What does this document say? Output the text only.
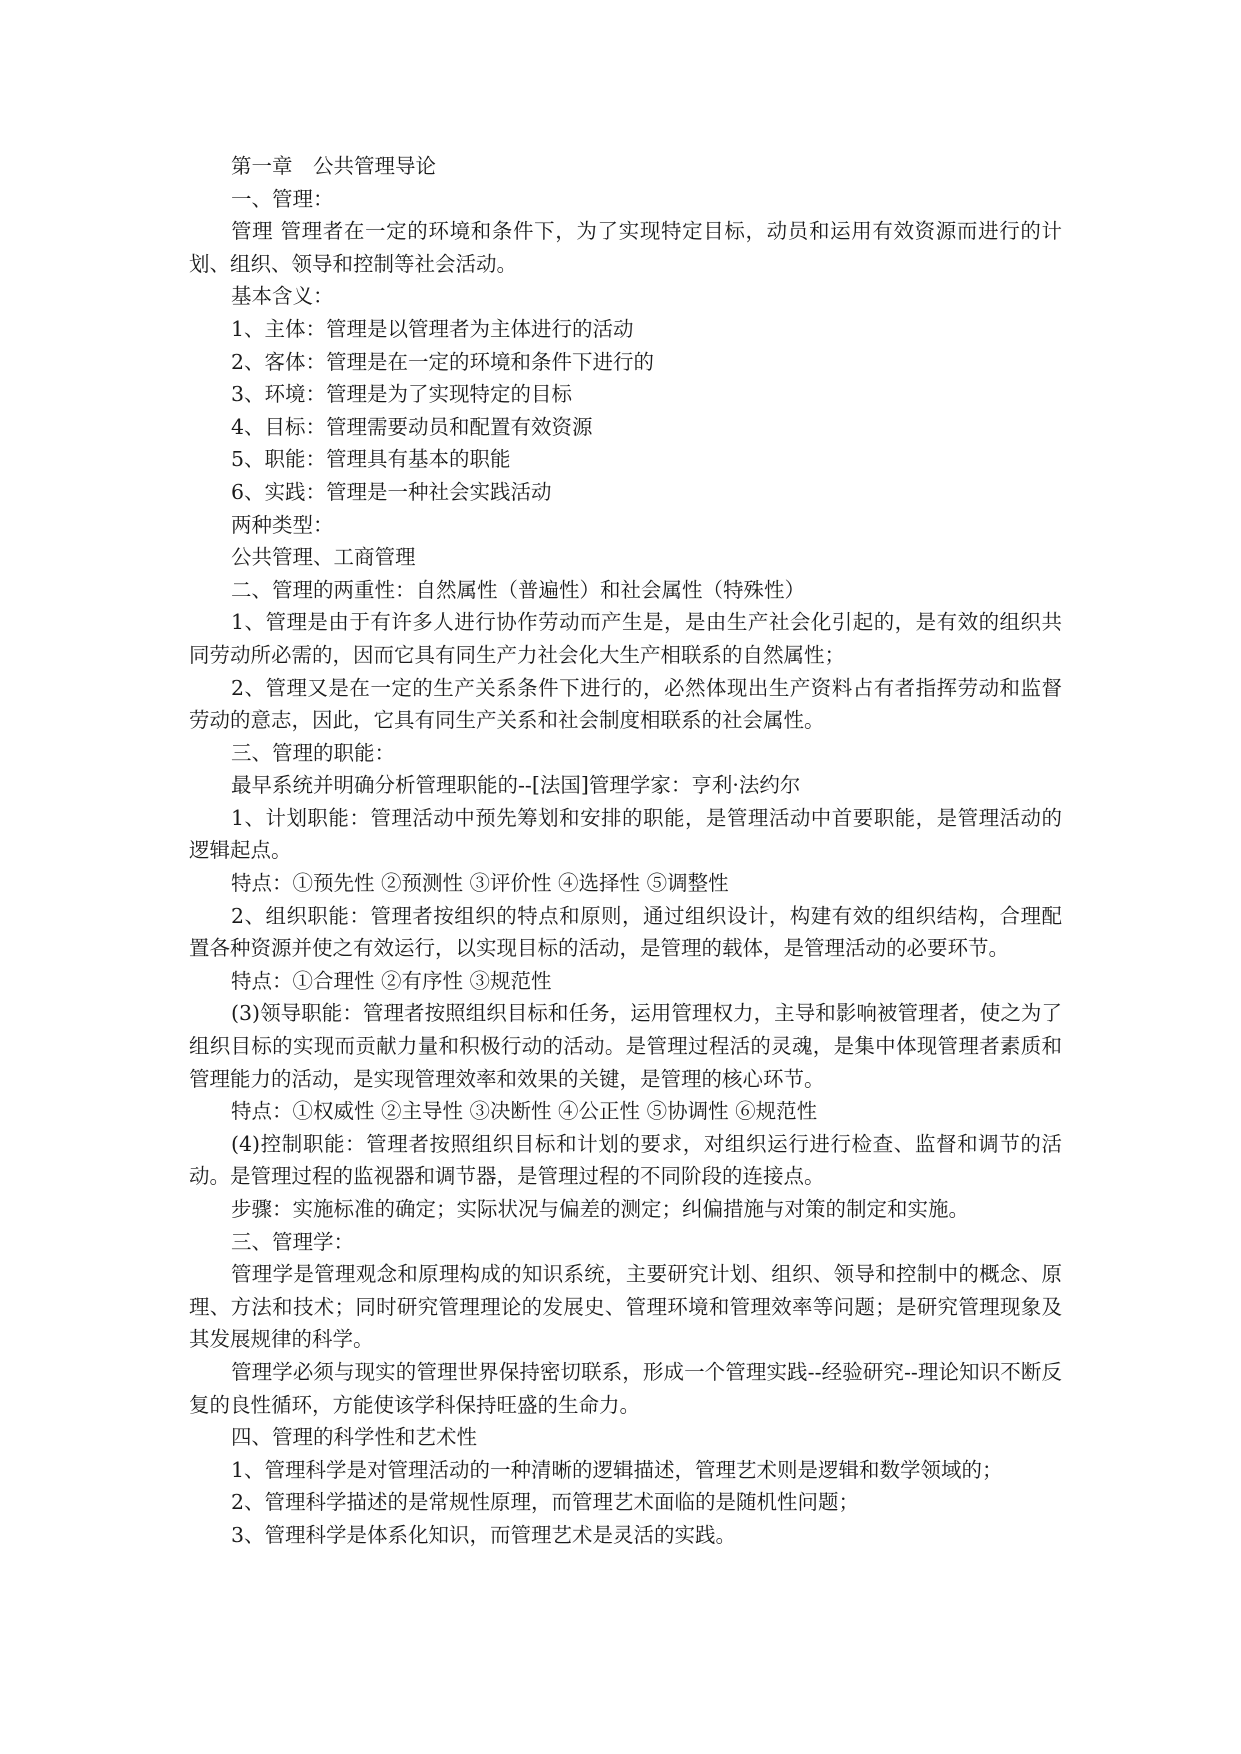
第一章　公共管理导论
一、管理：

管理 管理者在一定的环境和条件下，为了实现特定目标，动员和运用有效资源而进行的计划、组织、领导和控制等社会活动。

基本含义：
1、主体：管理是以管理者为主体进行的活动
2、客体：管理是在一定的环境和条件下进行的
3、环境：管理是为了实现特定的目标
4、目标：管理需要动员和配置有效资源
5、职能：管理具有基本的职能
6、实践：管理是一种社会实践活动
两种类型：
公共管理、工商管理
二、管理的两重性：自然属性（普遍性）和社会属性（特殊性）

1、管理是由于有许多人进行协作劳动而产生是，是由生产社会化引起的，是有效的组织共同劳动所必需的，因而它具有同生产力社会化大生产相联系的自然属性；

2、管理又是在一定的生产关系条件下进行的，必然体现出生产资料占有者指挥劳动和监督劳动的意志，因此，它具有同生产关系和社会制度相联系的社会属性。

三、管理的职能：
最早系统并明确分析管理职能的--[法国]管理学家：亨利·法约尔

1、计划职能：管理活动中预先筹划和安排的职能，是管理活动中首要职能，是管理活动的逻辑起点。

特点：①预先性 ②预测性 ③评价性 ④选择性 ⑤调整性

2、组织职能：管理者按组织的特点和原则，通过组织设计，构建有效的组织结构，合理配置各种资源并使之有效运行，以实现目标的活动，是管理的载体，是管理活动的必要环节。

特点：①合理性 ②有序性 ③规范性

(3)领导职能：管理者按照组织目标和任务，运用管理权力，主导和影响被管理者，使之为了组织目标的实现而贡献力量和积极行动的活动。是管理过程活的灵魂，是集中体现管理者素质和管理能力的活动，是实现管理效率和效果的关键，是管理的核心环节。

特点：①权威性 ②主导性 ③决断性 ④公正性 ⑤协调性 ⑥规范性

(4)控制职能：管理者按照组织目标和计划的要求，对组织运行进行检查、监督和调节的活动。是管理过程的监视器和调节器，是管理过程的不同阶段的连接点。

步骤：实施标准的确定；实际状况与偏差的测定；纠偏措施与对策的制定和实施。
三、管理学：

管理学是管理观念和原理构成的知识系统，主要研究计划、组织、领导和控制中的概念、原理、方法和技术；同时研究管理理论的发展史、管理环境和管理效率等问题；是研究管理现象及其发展规律的科学。

管理学必须与现实的管理世界保持密切联系，形成一个管理实践--经验研究--理论知识不断反复的良性循环，方能使该学科保持旺盛的生命力。

四、管理的科学性和艺术性
1、管理科学是对管理活动的一种清晰的逻辑描述，管理艺术则是逻辑和数学领域的；
2、管理科学描述的是常规性原理，而管理艺术面临的是随机性问题；
3、管理科学是体系化知识，而管理艺术是灵活的实践。
